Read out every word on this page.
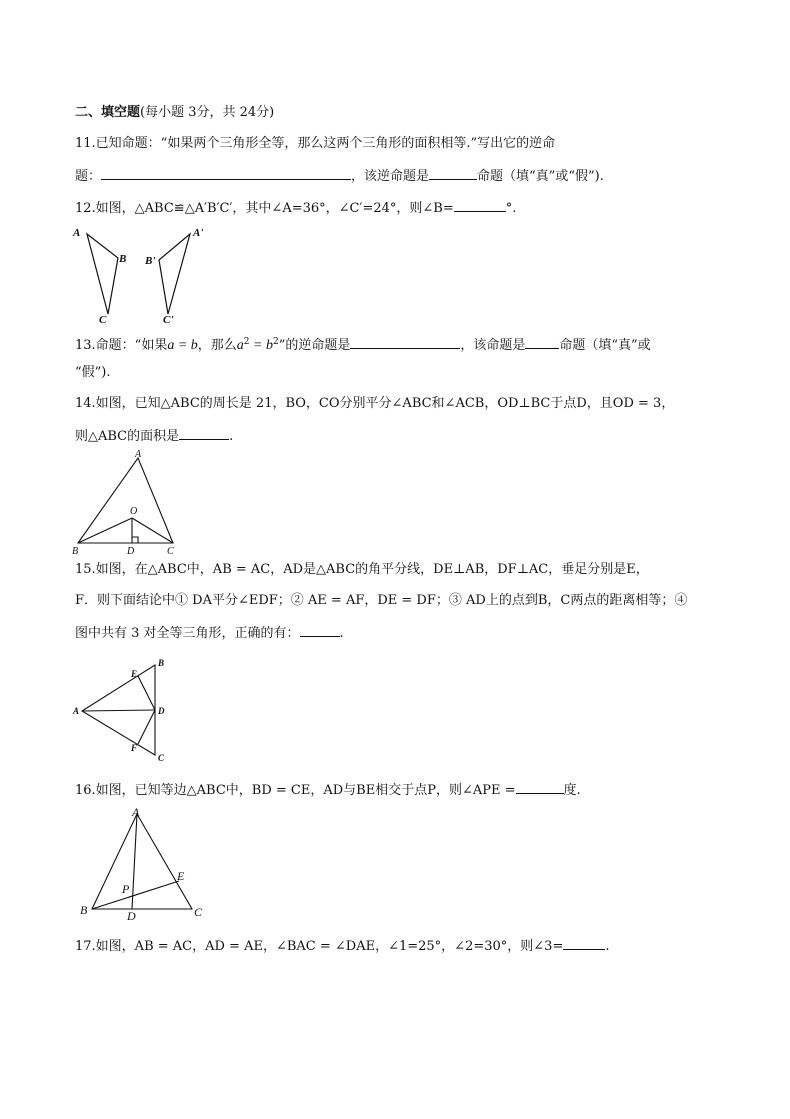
二、填空题(每小题 3分，共 24分)
11.已知命题：“如果两个三角形全等，那么这两个三角形的面积相等.”写出它的逆命
题：	，该逆命题是	命题（填“真”或“假”).
12.如图，△ABC≌△A′B′C′，其中∠A=36°，∠C′=24°，则∠B=	°.
A
B
C
A'
B'
C'
13.命题：“如果a = b，那么$a^2 = b^2$”的逆命题是	，该命题是	命题（填“真”或
“假”).
14.如图，已知△ABC的周长是 21，BO，CO分别平分∠ABC和∠ACB，OD⊥BC于点D，且OD = 3，
则△ABC的面积是	.
A
B	C
D
O
15.如图，在△ABC中，AB = AC，AD是△ABC的角平分线，DE⊥AB，DF⊥AC，垂足分别是E，
F．则下面结论中① DA平分∠EDF；② AE = AF，DE = DF；③ AD上的点到B，C两点的距离相等；④
图中共有 3 对全等三角形，正确的有：	.
A
B
C
D
E
F
16.如图，已知等边△ABC中，BD = CE，AD与BE相交于点P，则∠APE =	度.
A
B	C
D
E
P
17.如图，AB = AC，AD = AE，∠BAC = ∠DAE，∠1=25°，∠2=30°，则∠3=	.
